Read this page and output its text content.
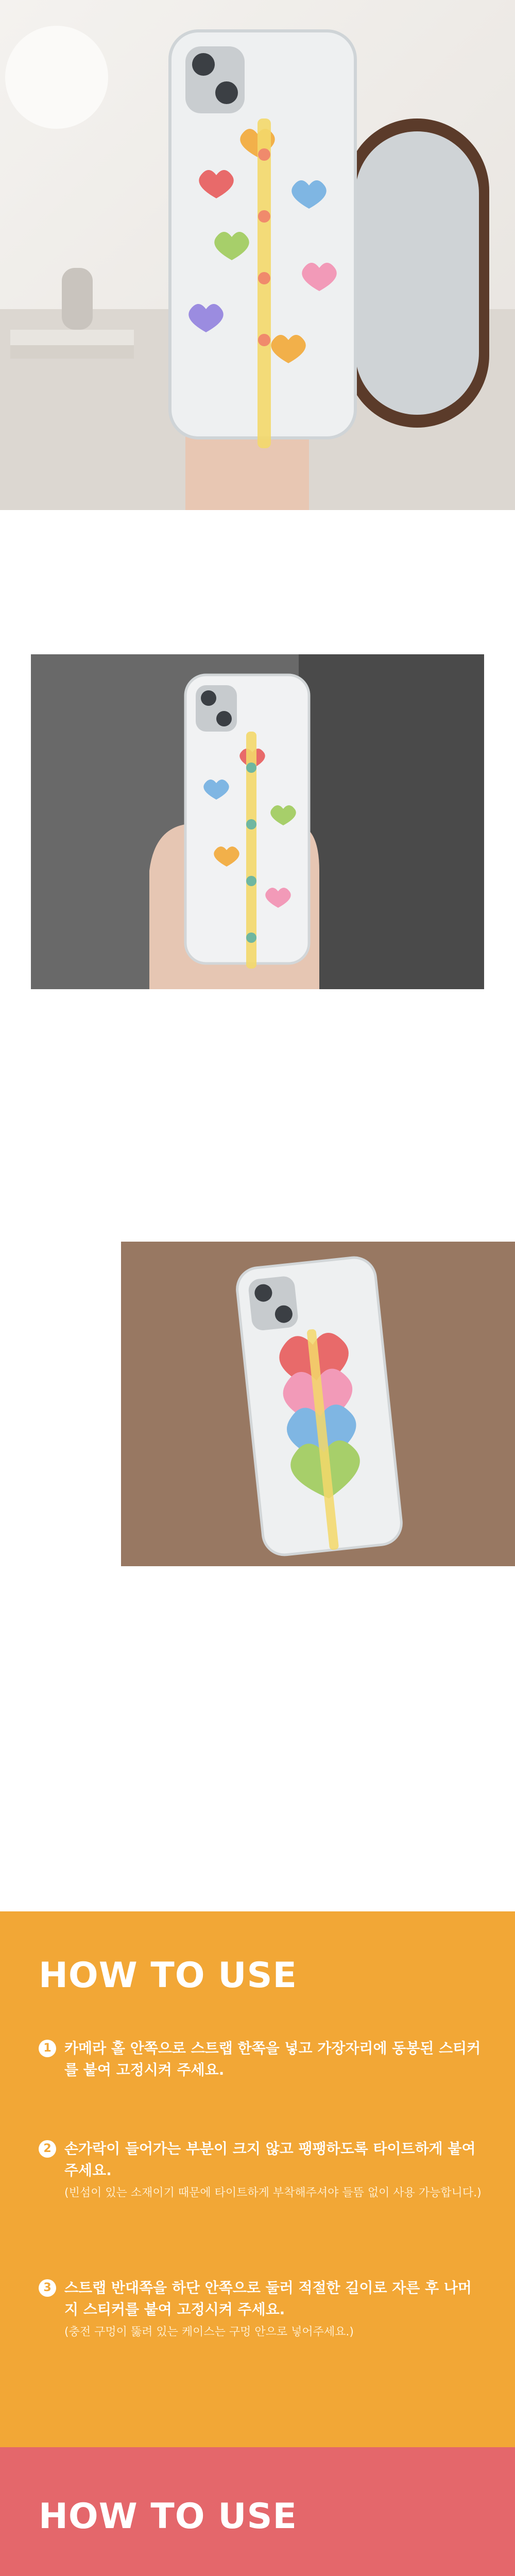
HOW TO USE
1 카메라 홀 안쪽으로 스트랩 한쪽을 넣고 가장자리에 동봉된 스티커를 붙여 고정시켜 주세요.
2 손가락이 들어가는 부분이 크지 않고 팽팽하도록 타이트하게 붙여주세요.
(빈섬이 있는 소재이기 때문에 타이트하게 부착해주셔야 들뜸 없이 사용 가능합니다.)
3 스트랩 반대쪽을 하단 안쪽으로 둘러 적절한 길이로 자른 후 나머지 스티커를 붙여 고정시켜 주세요.
(충전 구멍이 뚫려 있는 케이스는 구멍 안으로 넣어주세요.)
HOW TO USE
